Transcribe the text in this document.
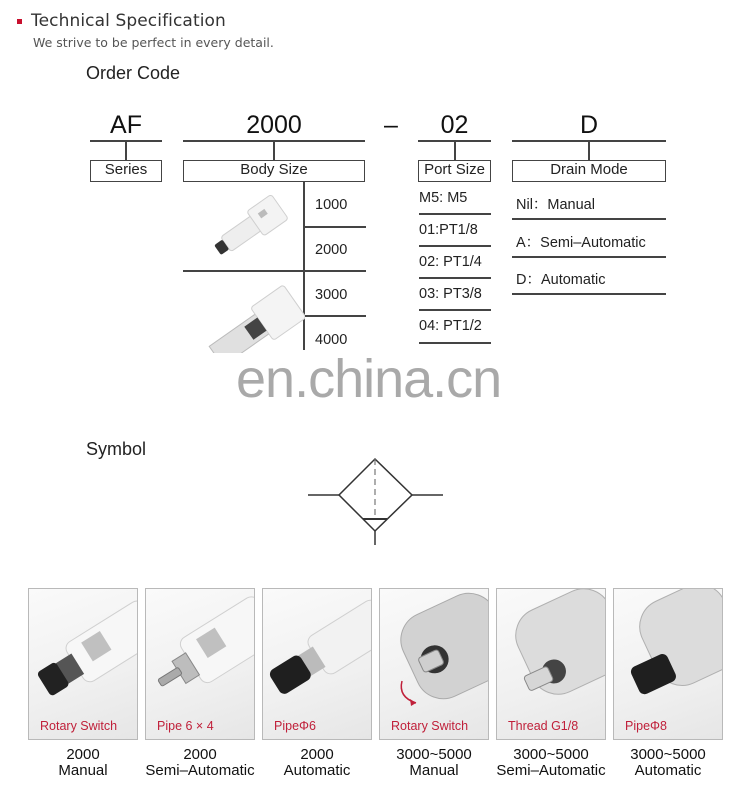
Technical Specification
We strive to be perfect in every detail.
Order Code
AF
Series
2000
Body Size
1000
2000
3000
4000
–	02
Port Size
M5: M5
01:PT1/8
02: PT1/4
03: PT3/8
04: PT1/2
D
Drain Mode
Nil：Manual
A：Semi–Automatic
D：Automatic
en.china.cn
Symbol
Rotary Switch	Pipe 6 × 4	PipeΦ6	Rotary Switch	Thread G1/8	PipeΦ8
2000
Manual
2000
Semi–Automatic
2000
Automatic
3000~5000
Manual
3000~5000
Semi–Automatic
3000~5000
Automatic
